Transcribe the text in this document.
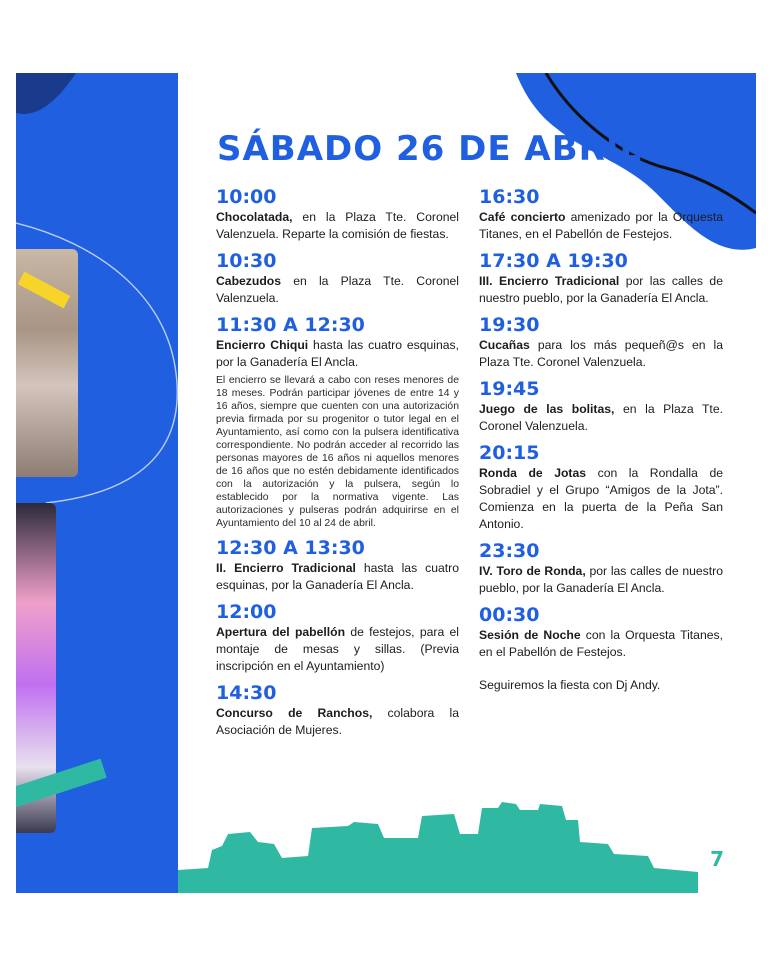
SÁBADO 26 DE ABRIL
10:00
Chocolatada, en la Plaza Tte. Coronel Valenzuela. Reparte la comisión de fiestas.
10:30
Cabezudos en la Plaza Tte. Coronel Valenzuela.
11:30 A 12:30
Encierro Chiqui hasta las cuatro esquinas, por la Ganadería El Ancla.
El encierro se llevará a cabo con reses menores de 18 meses. Podrán participar jóvenes de entre 14 y 16 años, siempre que cuenten con una autorización previa firmada por su progenitor o tutor legal en el Ayuntamiento, así como con la pulsera identificativa correspondiente. No podrán acceder al recorrido las personas mayores de 16 años ni aquellos menores de 16 años que no estén debidamente identificados con la autorización y la pulsera, según lo establecido por la normativa vigente. Las autorizaciones y pulseras podrán adquirirse en el Ayuntamiento del 10 al 24 de abril.
12:30 A 13:30
II. Encierro Tradicional hasta las cuatro esquinas, por la Ganadería El Ancla.
12:00
Apertura del pabellón de festejos, para el montaje de mesas y sillas. (Previa inscripción en el Ayuntamiento)
14:30
Concurso de Ranchos, colabora la Asociación de Mujeres.
16:30
Café concierto amenizado por la Orquesta Titanes, en el Pabellón de Festejos.
17:30 A 19:30
III. Encierro Tradicional por las calles de nuestro pueblo, por la Ganadería El Ancla.
19:30
Cucañas para los más pequeñ@s en la Plaza Tte. Coronel Valenzuela.
19:45
Juego de las bolitas, en la Plaza Tte. Coronel Valenzuela.
20:15
Ronda de Jotas con la Rondalla de Sobradiel y el Grupo “Amigos de la Jota”. Comienza en la puerta de la Peña San Antonio.
23:30
IV. Toro de Ronda, por las calles de nuestro pueblo, por la Ganadería El Ancla.
00:30
Sesión de Noche con la Orquesta Titanes, en el Pabellón de Festejos.
Seguiremos la fiesta con Dj Andy.
7
